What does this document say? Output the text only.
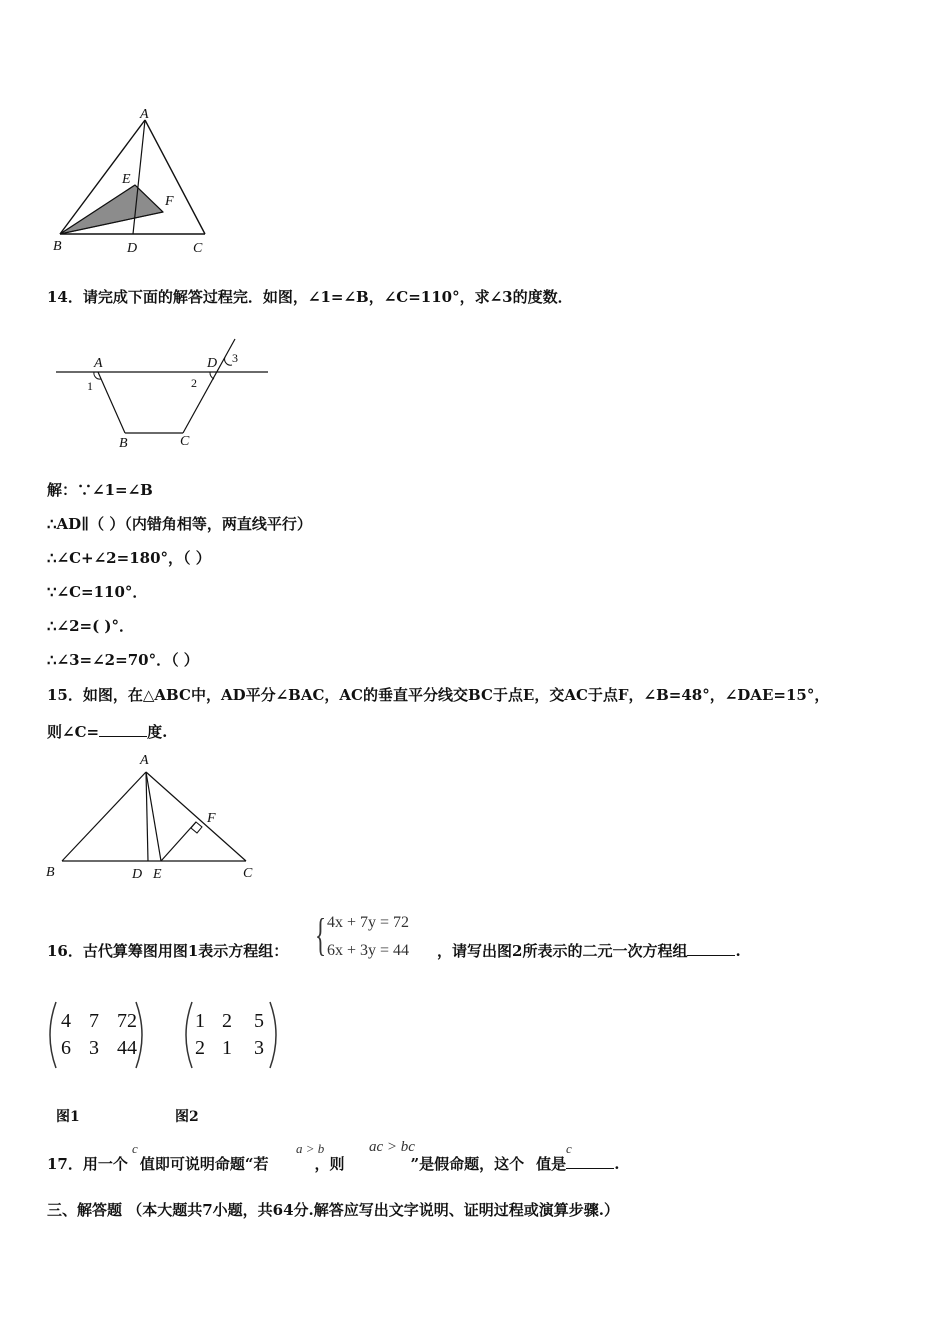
A
E
F
B	D	C
14．请完成下面的解答过程完．如图，∠1=∠B，∠C=110°，求∠3的度数．
A	D 3
1	2
B	C
解：∵∠1=∠B
∴AD∥（ ）（内错角相等，两直线平行）
∴∠C+∠2=180°，（ ）
∵∠C=110°．
∴∠2=( )°．
∴∠3=∠2=70°．（ ）
15．如图，在△ABC中，AD平分∠BAC，AC的垂直平分线交BC于点E，交AC于点F，∠B=48°，∠DAE=15°，
则∠C=	度.
A
F
B	D E	C
16．古代算筹图用图1表示方程组： { 4x + 7y = 72
6x + 3y = 44 ，请写出图2所表示的二元一次方程组	.
4 7 72
6 3 44
1 2 5
2 1 3
图1	图2
17．用一个 值即可说明命题“若	，则	”是假命题，这个 值是	.
c	a > b	ac > bc	c
三、解答题 （本大题共7小题，共64分.解答应写出文字说明、证明过程或演算步骤.）
